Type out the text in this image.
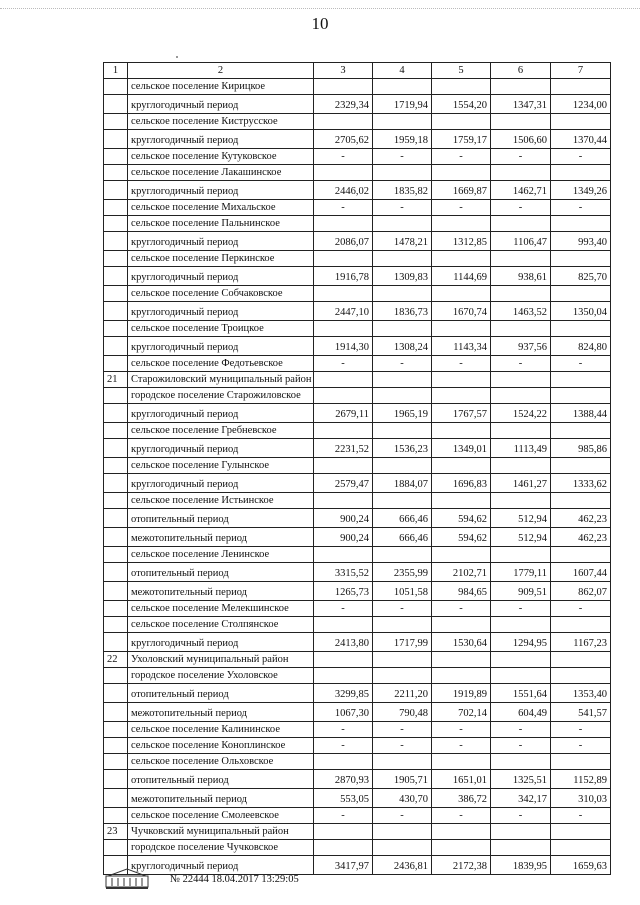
10
1	2	3	4	5	6	7
	сельское поселение Кирицкое					
	круглогодичный период	2329,34	1719,94	1554,20	1347,31	1234,00
	сельское поселение Киструсское					
	круглогодичный период	2705,62	1959,18	1759,17	1506,60	1370,44
	сельское поселение Кутуковское	-	-	-	-	-
	сельское поселение Лакашинское					
	круглогодичный период	2446,02	1835,82	1669,87	1462,71	1349,26
	сельское поселение Михальское	-	-	-	-	-
	сельское поселение Пальнинское					
	круглогодичный период	2086,07	1478,21	1312,85	1106,47	993,40
	сельское поселение Перкинское					
	круглогодичный период	1916,78	1309,83	1144,69	938,61	825,70
	сельское поселение Собчаковское					
	круглогодичный период	2447,10	1836,73	1670,74	1463,52	1350,04
	сельское поселение Троицкое					
	круглогодичный период	1914,30	1308,24	1143,34	937,56	824,80
	сельское поселение Федотьевское	-	-	-	-	-
21	Старожиловский муниципальный район					
	городское поселение Старожиловское					
	круглогодичный период	2679,11	1965,19	1767,57	1524,22	1388,44
	сельское поселение Гребневское					
	круглогодичный период	2231,52	1536,23	1349,01	1113,49	985,86
	сельское поселение Гулынское					
	круглогодичный период	2579,47	1884,07	1696,83	1461,27	1333,62
	сельское поселение Истьинское					
	отопительный период	900,24	666,46	594,62	512,94	462,23
	межотопительный период	900,24	666,46	594,62	512,94	462,23
	сельское поселение Ленинское					
	отопительный период	3315,52	2355,99	2102,71	1779,11	1607,44
	межотопительный период	1265,73	1051,58	984,65	909,51	862,07
	сельское поселение Мелекшинское	-	-	-	-	-
	сельское поселение Столпянское					
	круглогодичный период	2413,80	1717,99	1530,64	1294,95	1167,23
22	Ухоловский муниципальный район					
	городское поселение Ухоловское					
	отопительный период	3299,85	2211,20	1919,89	1551,64	1353,40
	межотопительный период	1067,30	790,48	702,14	604,49	541,57
	сельское поселение Калининское	-	-	-	-	-
	сельское поселение Коноплинское	-	-	-	-	-
	сельское поселение Ольховское					
	отопительный период	2870,93	1905,71	1651,01	1325,51	1152,89
	межотопительный период	553,05	430,70	386,72	342,17	310,03
	сельское поселение Смолеевское	-	-	-	-	-
23	Чучковский муниципальный район					
	городское поселение Чучковское					
	круглогодичный период	3417,97	2436,81	2172,38	1839,95	1659,63
№ 22444 18.04.2017 13:29:05
